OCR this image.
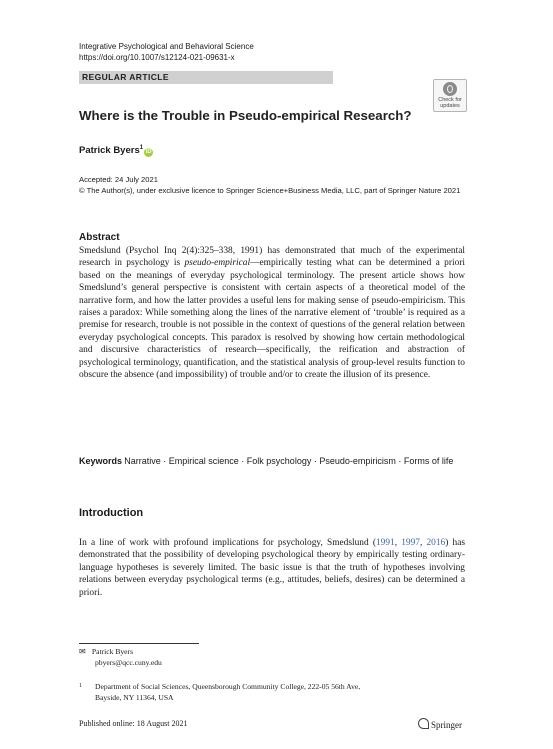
Integrative Psychological and Behavioral Science
https://doi.org/10.1007/s12124-021-09631-x
REGULAR ARTICLE
Check for
updates
Where is the Trouble in Pseudo-empirical Research?
Patrick Byers$^1$iD
Accepted: 24 July 2021
© The Author(s), under exclusive licence to Springer Science+Business Media, LLC, part of Springer Nature 2021
Abstract
Smedslund (Psychol Inq 2(4):325–338, 1991) has demonstrated that much of the experimental research in psychology is pseudo-empirical—empirically testing what can be determined a priori based on the meanings of everyday psychological terminology. The present article shows how Smedslund’s general perspective is consistent with certain aspects of a theoretical model of the narrative form, and how the latter provides a useful lens for making sense of pseudo-empiricism. This raises a paradox: While something along the lines of the narrative element of ‘trouble’ is required as a premise for research, trouble is not possible in the context of questions of the general relation between everyday psychological concepts. This paradox is resolved by showing how certain methodological and discursive characteristics of research—specifically, the reification and abstraction of psychological terminology, quantification, and the statistical analysis of group-level results function to obscure the absence (and impossibility) of trouble and/or to create the illusion of its presence.
Keywords Narrative · Empirical science · Folk psychology · Pseudo-empiricism · Forms of life
Introduction
In a line of work with profound implications for psychology, Smedslund (1991, 1997, 2016) has demonstrated that the possibility of developing psychological theory by empirically testing ordinary-language hypotheses is severely limited. The basic issue is that the truth of hypotheses involving relations between everyday psychological terms (e.g., attitudes, beliefs, desires) can be determined a priori.
✉ Patrick Byers
pbyers@qcc.cuny.edu
1 Department of Social Sciences, Queensborough Community College, 222-05 56th Ave,
Bayside, NY 11364, USA
Published online: 18 August 2021	Springer
